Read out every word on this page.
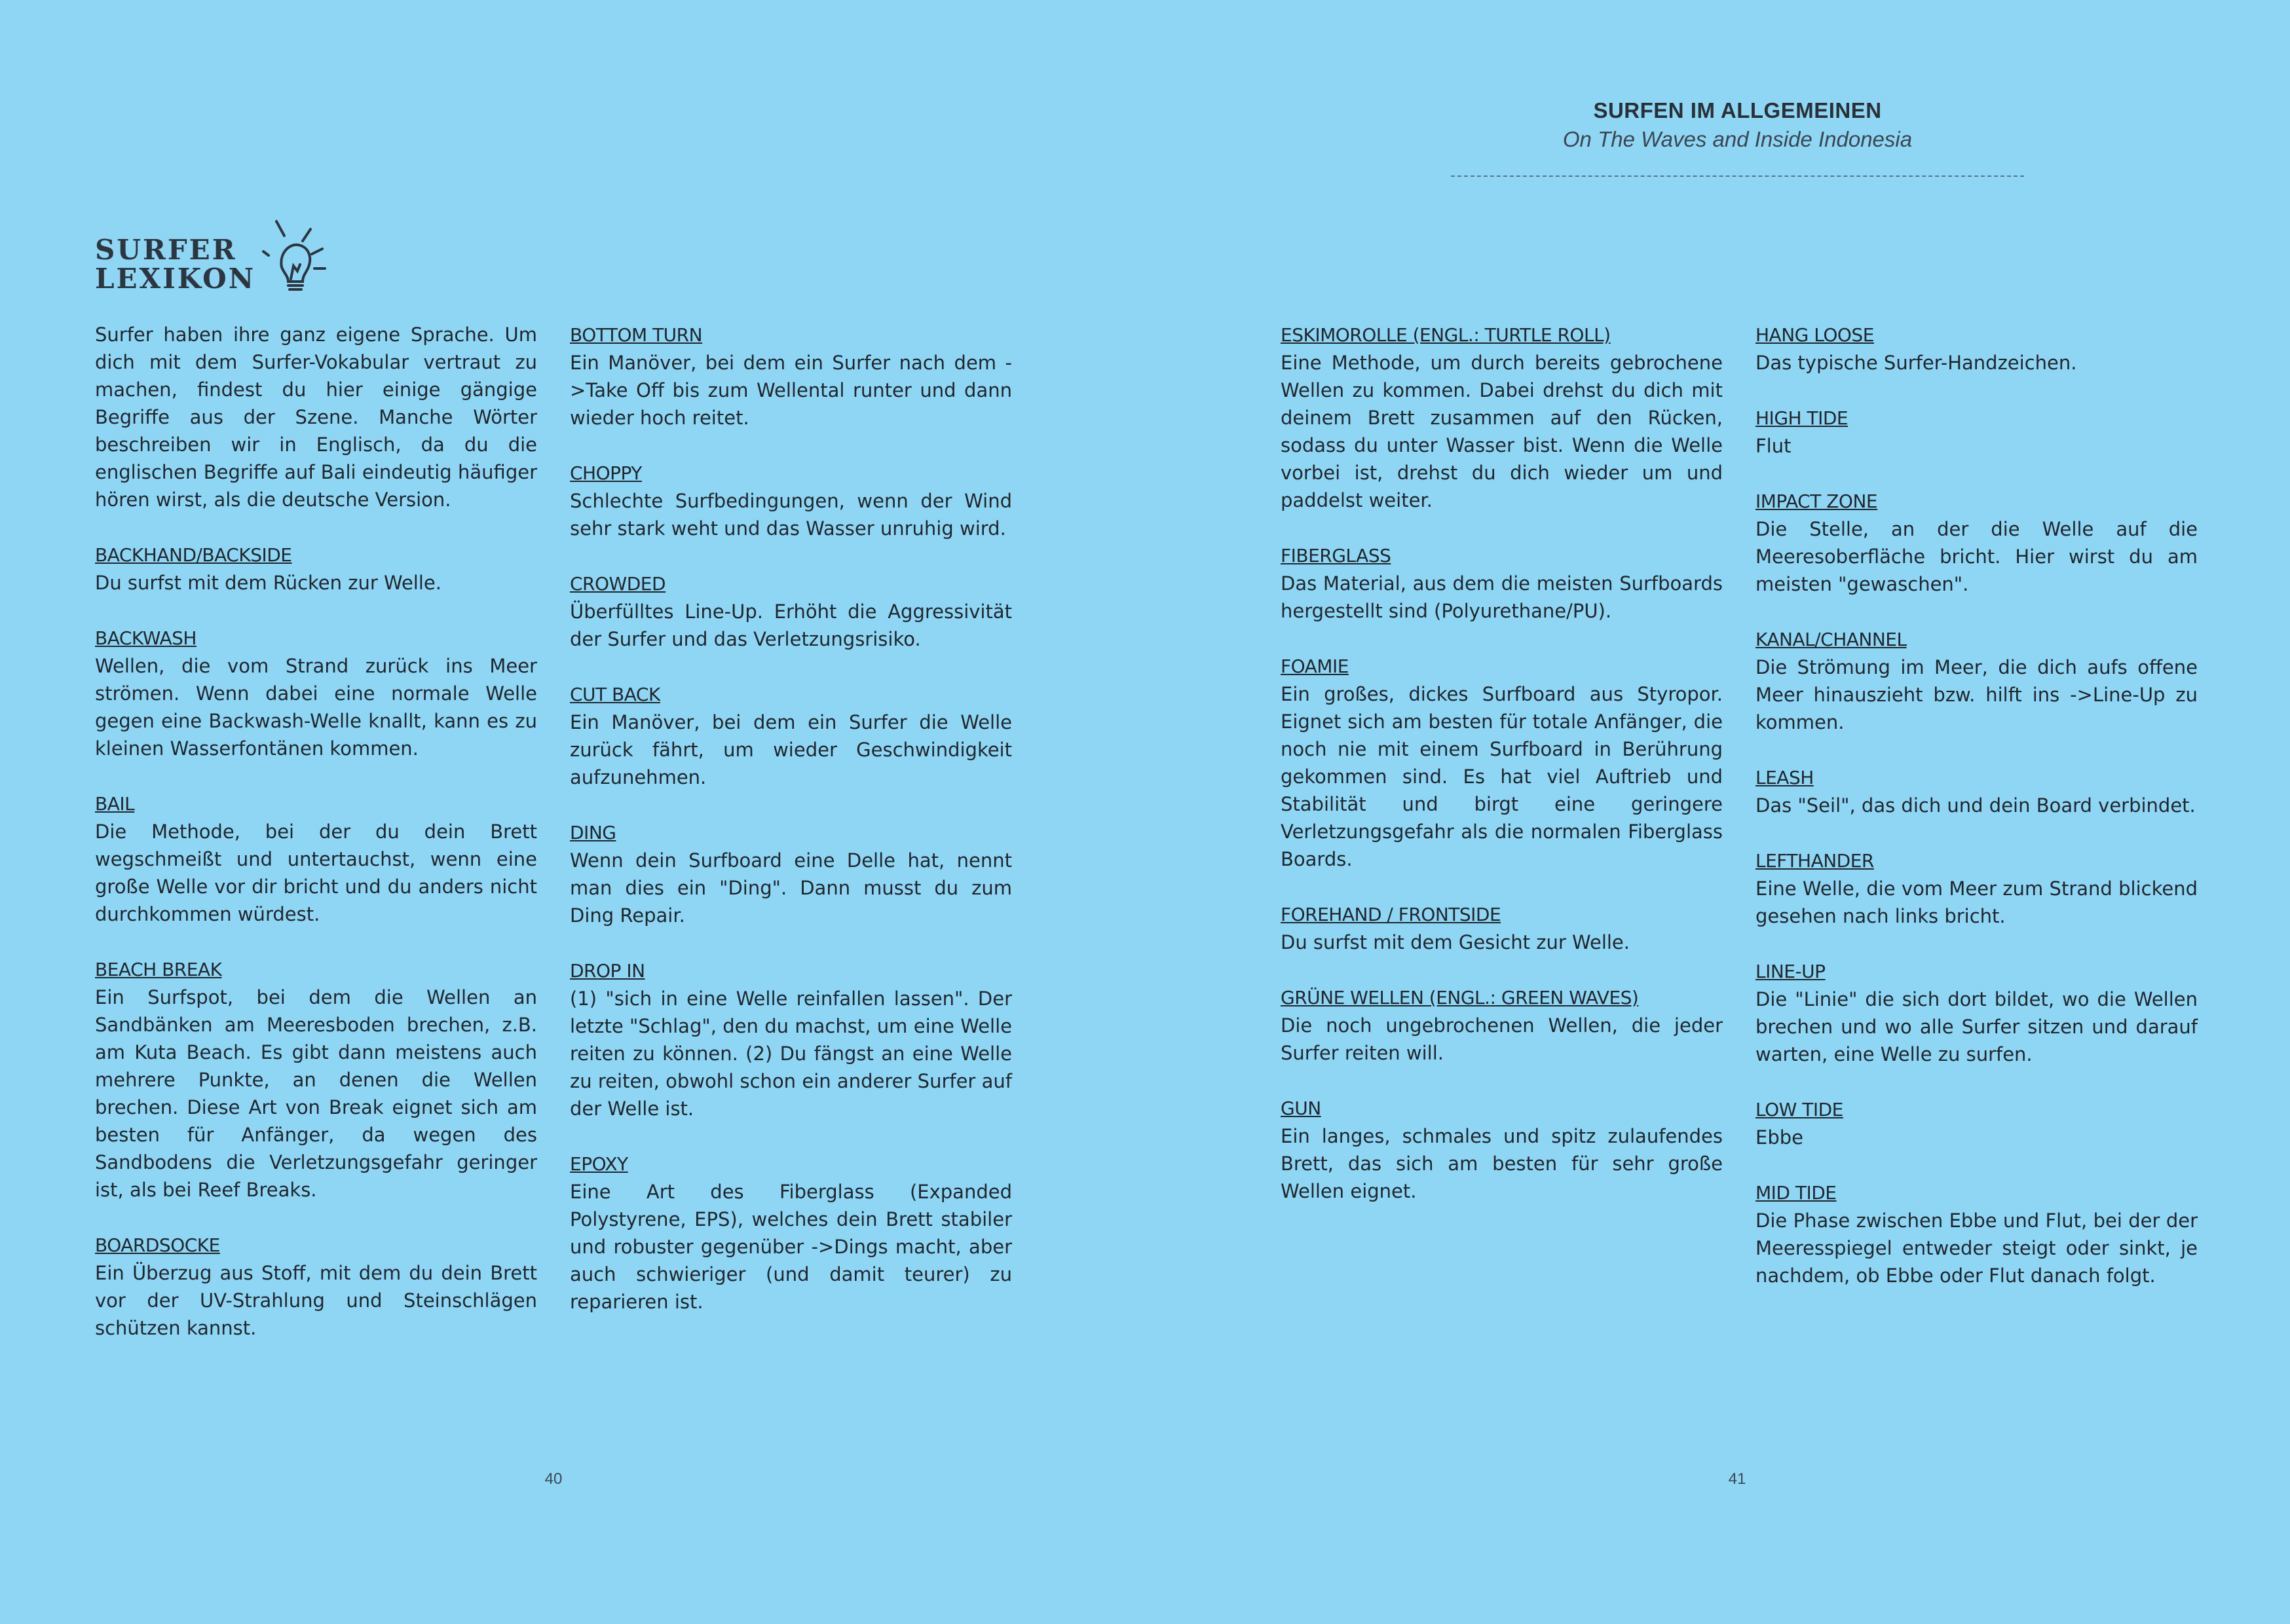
SURFEN IM ALLGEMEINEN
On The Waves and Inside Indonesia
SURFER
LEXIKON

Surfer haben ihre ganz eigene Sprache. Um dich mit dem Surfer-Vokabular vertraut zu machen, findest du hier einige gängige Begriffe aus der Szene. Manche Wörter beschreiben wir in Englisch, da du die englischen Begriffe auf Bali eindeutig häufiger hören wirst, als die deutsche Version.

BACKHAND/BACKSIDE
Du surfst mit dem Rücken zur Welle.
BACKWASH
Wellen, die vom Strand zurück ins Meer strömen. Wenn dabei eine normale Welle gegen eine Backwash-Welle knallt, kann es zu kleinen Wasserfontänen kommen.
BAIL
Die Methode, bei der du dein Brett wegschmeißt und untertauchst, wenn eine große Welle vor dir bricht und du anders nicht durchkommen würdest.
BEACH BREAK
Ein Surfspot, bei dem die Wellen an Sandbänken am Meeresboden brechen, z.B. am Kuta Beach. Es gibt dann meistens auch mehrere Punkte, an denen die Wellen brechen. Diese Art von Break eignet sich am besten für Anfänger, da wegen des Sandbodens die Verletzungsgefahr geringer ist, als bei Reef Breaks.
BOARDSOCKE
Ein Überzug aus Stoff, mit dem du dein Brett vor der UV-Strahlung und Steinschlägen schützen kannst.
BOTTOM TURN
Ein Manöver, bei dem ein Surfer nach dem ->Take Off bis zum Wellental runter und dann wieder hoch reitet.
CHOPPY
Schlechte Surfbedingungen, wenn der Wind sehr stark weht und das Wasser unruhig wird.
CROWDED
Überfülltes Line-Up. Erhöht die Aggressivität der Surfer und das Verletzungsrisiko.
CUT BACK
Ein Manöver, bei dem ein Surfer die Welle zurück fährt, um wieder Geschwindigkeit aufzunehmen.
DING
Wenn dein Surfboard eine Delle hat, nennt man dies ein "Ding". Dann musst du zum Ding Repair.
DROP IN
(1) "sich in eine Welle reinfallen lassen". Der letzte "Schlag", den du machst, um eine Welle reiten zu können. (2) Du fängst an eine Welle zu reiten, obwohl schon ein anderer Surfer auf der Welle ist.
EPOXY
Eine Art des Fiberglass (Expanded Polystyrene, EPS), welches dein Brett stabiler und robuster gegenüber ->Dings macht, aber auch schwieriger (und damit teurer) zu reparieren ist.
ESKIMOROLLE (ENGL.: TURTLE ROLL)
Eine Methode, um durch bereits gebrochene Wellen zu kommen. Dabei drehst du dich mit deinem Brett zusammen auf den Rücken, sodass du unter Wasser bist. Wenn die Welle vorbei ist, drehst du dich wieder um und paddelst weiter.
FIBERGLASS
Das Material, aus dem die meisten Surfboards hergestellt sind (Polyurethane/PU).
FOAMIE
Ein großes, dickes Surfboard aus Styropor. Eignet sich am besten für totale Anfänger, die noch nie mit einem Surfboard in Berührung gekommen sind. Es hat viel Auftrieb und Stabilität und birgt eine geringere Verletzungsgefahr als die normalen Fiberglass Boards.
FOREHAND / FRONTSIDE
Du surfst mit dem Gesicht zur Welle.
GRÜNE WELLEN (ENGL.: GREEN WAVES)
Die noch ungebrochenen Wellen, die jeder Surfer reiten will.
GUN
Ein langes, schmales und spitz zulaufendes Brett, das sich am besten für sehr große Wellen eignet.
HANG LOOSE
Das typische Surfer-Handzeichen.
HIGH TIDE
Flut
IMPACT ZONE
Die Stelle, an der die Welle auf die Meeresoberfläche bricht. Hier wirst du am meisten "gewaschen".
KANAL/CHANNEL
Die Strömung im Meer, die dich aufs offene Meer hinauszieht bzw. hilft ins ->Line-Up zu kommen.
LEASH
Das "Seil", das dich und dein Board verbindet.
LEFTHANDER
Eine Welle, die vom Meer zum Strand blickend gesehen nach links bricht.
LINE-UP
Die "Linie" die sich dort bildet, wo die Wellen brechen und wo alle Surfer sitzen und darauf warten, eine Welle zu surfen.
LOW TIDE
Ebbe
MID TIDE
Die Phase zwischen Ebbe und Flut, bei der der Meeresspiegel entweder steigt oder sinkt, je nachdem, ob Ebbe oder Flut danach folgt.
40	41
